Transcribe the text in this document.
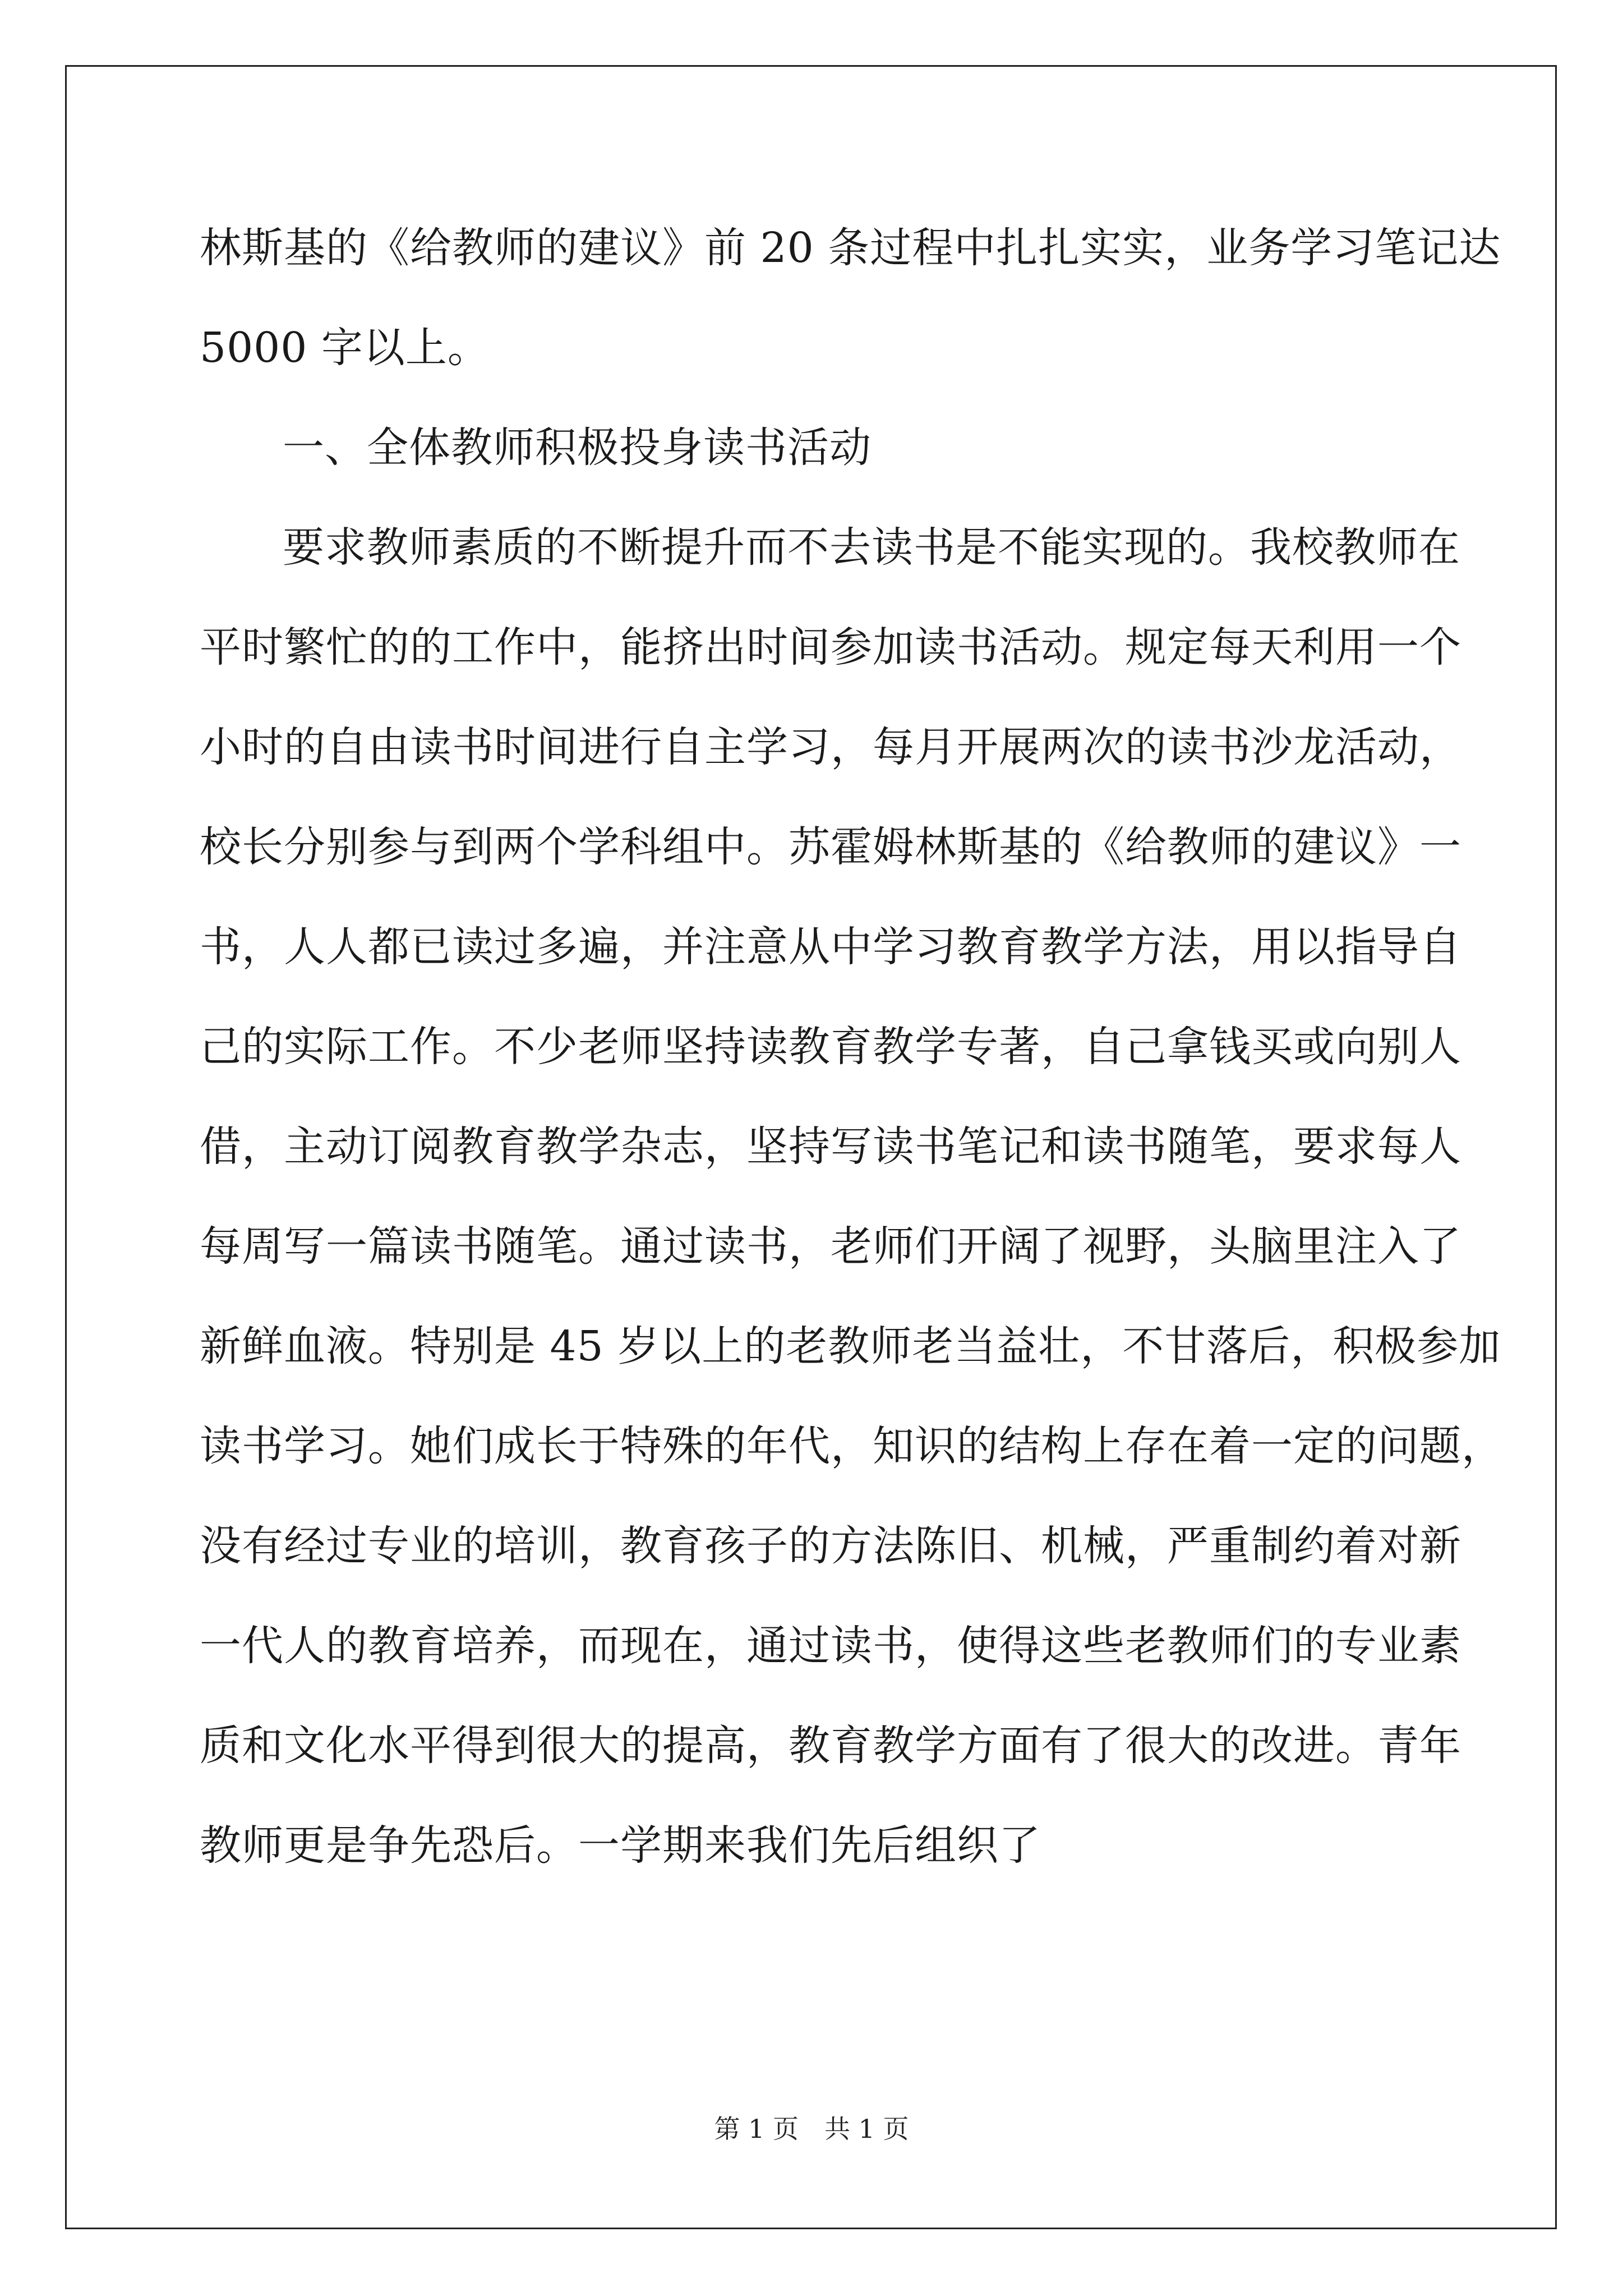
林斯基的《给教师的建议》前 20 条过程中扎扎实实，业务学习笔记达
5000 字以上。
一、全体教师积极投身读书活动
要求教师素质的不断提升而不去读书是不能实现的。我校教师在
平时繁忙的的工作中，能挤出时间参加读书活动。规定每天利用一个
小时的自由读书时间进行自主学习，每月开展两次的读书沙龙活动，
校长分别参与到两个学科组中。苏霍姆林斯基的《给教师的建议》一
书，人人都已读过多遍，并注意从中学习教育教学方法，用以指导自
己的实际工作。不少老师坚持读教育教学专著，自己拿钱买或向别人
借，主动订阅教育教学杂志，坚持写读书笔记和读书随笔，要求每人
每周写一篇读书随笔。通过读书，老师们开阔了视野，头脑里注入了
新鲜血液。特别是 45 岁以上的老教师老当益壮，不甘落后，积极参加
读书学习。她们成长于特殊的年代，知识的结构上存在着一定的问题，
没有经过专业的培训，教育孩子的方法陈旧、机械，严重制约着对新
一代人的教育培养，而现在，通过读书，使得这些老教师们的专业素
质和文化水平得到很大的提高，教育教学方面有了很大的改进。青年
教师更是争先恐后。一学期来我们先后组织了
第 1 页　共 1 页
